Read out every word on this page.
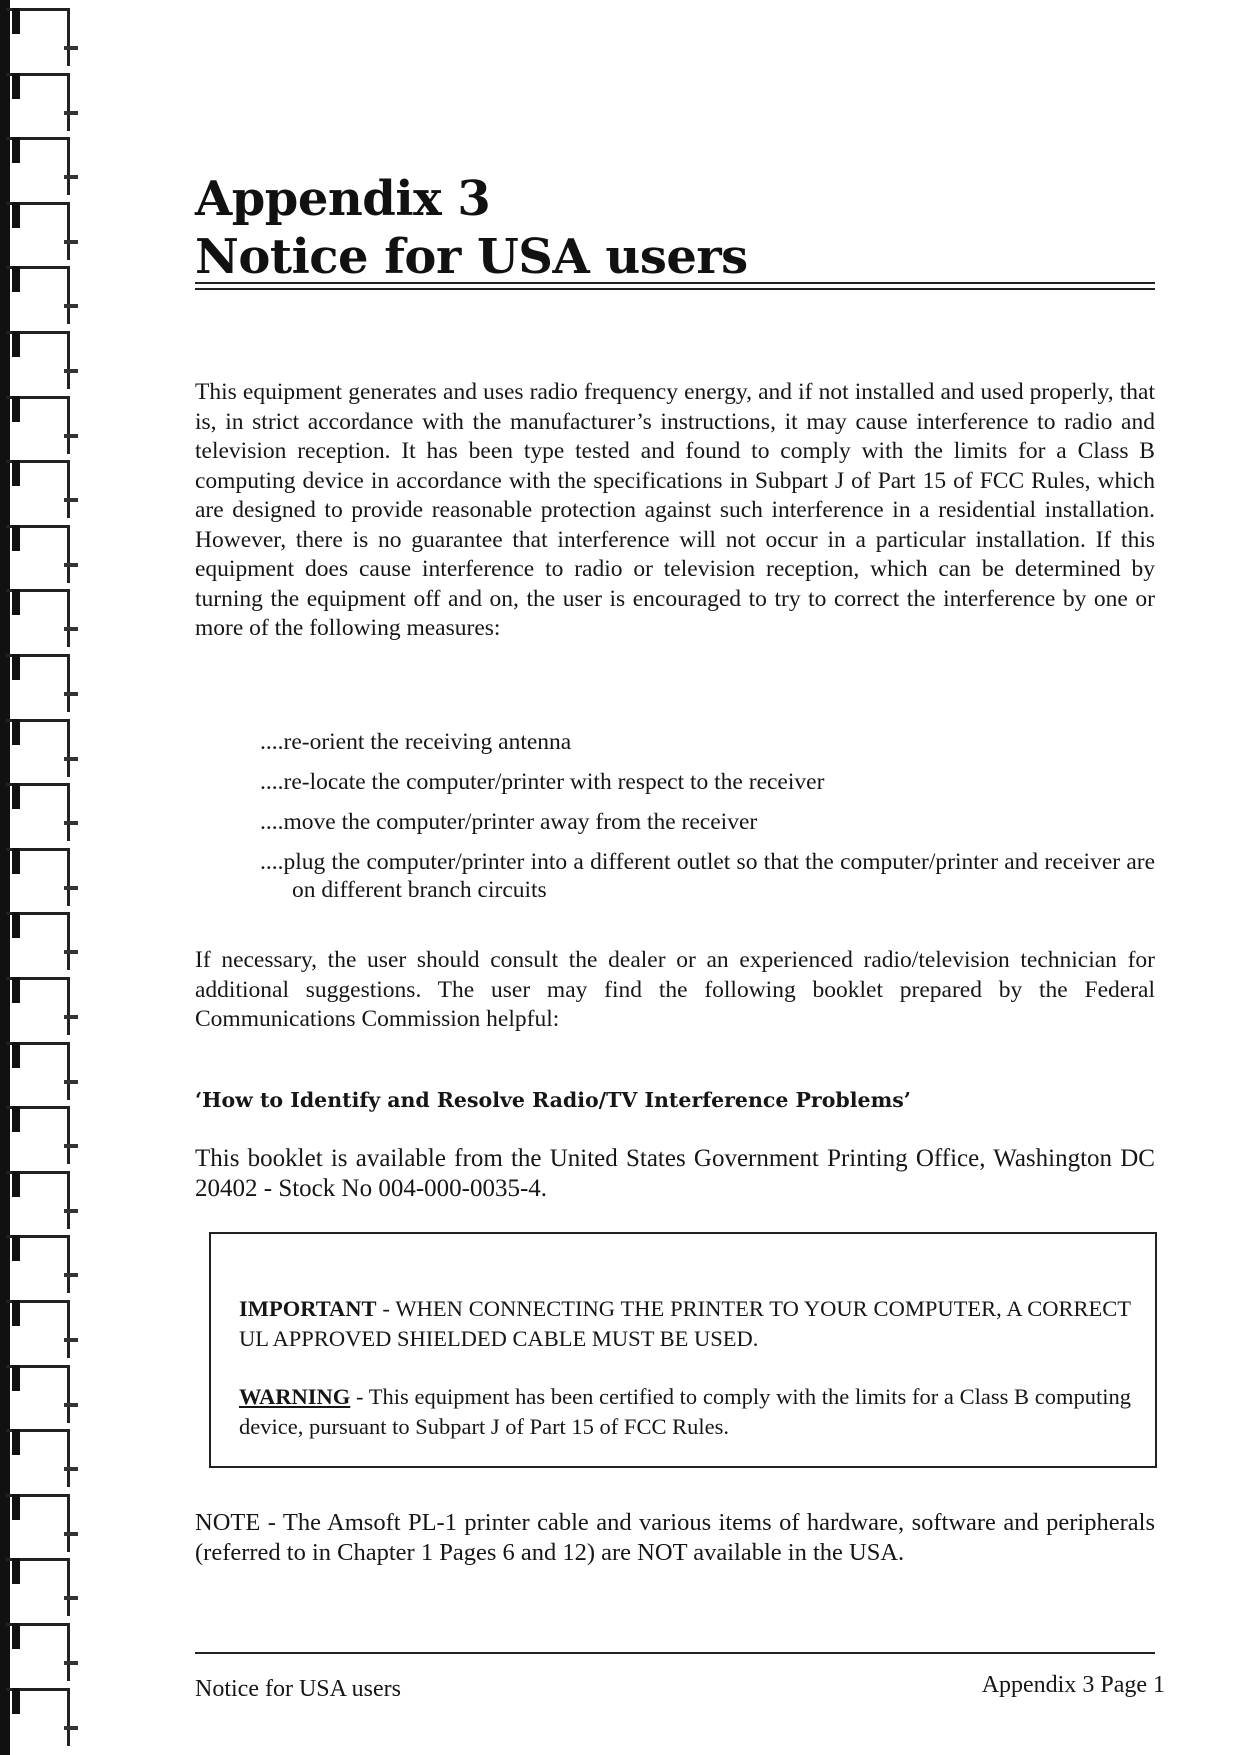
Appendix 3
Notice for USA users
This equipment generates and uses radio frequency energy, and if not installed and used properly, that is, in strict accordance with the manufacturer’s instructions, it may cause interference to radio and television reception. It has been type tested and found to comply with the limits for a Class B computing device in accordance with the specifications in Subpart J of Part 15 of FCC Rules, which are designed to provide reasonable protection against such interference in a residential installation. However, there is no guarantee that interference will not occur in a particular installation. If this equipment does cause interference to radio or television reception, which can be determined by turning the equipment off and on, the user is encouraged to try to correct the interference by one or more of the following measures:
....re-orient the receiving antenna
....re-locate the computer/printer with respect to the receiver
....move the computer/printer away from the receiver
....plug the computer/printer into a different outlet so that the computer/printer and receiver are on different branch circuits
If necessary, the user should consult the dealer or an experienced radio/television technician for additional suggestions. The user may find the following booklet prepared by the Federal Communications Commission helpful:
‘How to Identify and Resolve Radio/TV Interference Problems’
This booklet is available from the United States Government Printing Office, Washington DC 20402 - Stock No 004-000-0035-4.
IMPORTANT - WHEN CONNECTING THE PRINTER TO YOUR COMPUTER, A CORRECT UL APPROVED SHIELDED CABLE MUST BE USED.
WARNING - This equipment has been certified to comply with the limits for a Class B computing device, pursuant to Subpart J of Part 15 of FCC Rules.
NOTE - The Amsoft PL-1 printer cable and various items of hardware, software and peripherals (referred to in Chapter 1 Pages 6 and 12) are NOT available in the USA.
Notice for USA users	Appendix 3 Page 1
